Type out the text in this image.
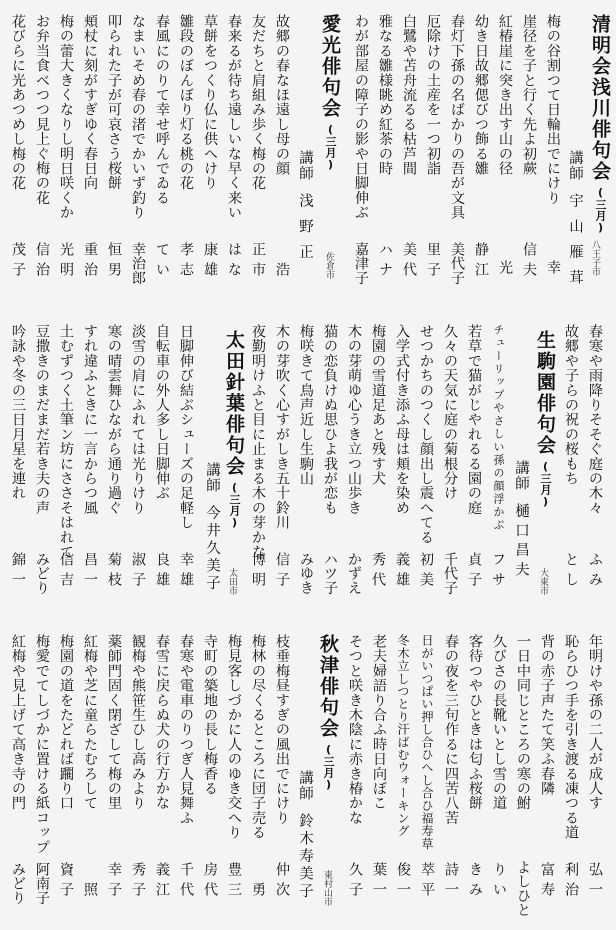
清明会浅川俳句会(三月)
講師宇山雁茸 八王子市
梅の谷割つて日輪出でにけり
幸
崖径を子と行く先よ初蕨
信夫
紅椿崖に突き出す山の径
光
幼き日故郷偲びつ飾る雛
静江
春灯下孫の名ばかりの吾が文具
美代子
厄除けの土産を一つ初詣
里子
白鷺や苫舟流るる枯芦間
美代
雅なる雛様眺め紅茶の時
ハナ
わが部屋の障子の影や日脚伸ぶ
嘉津子
愛光俳句会(三月)
講師浅野正	佐倉市
故郷の春なほ遠し母の顔
浩
友だちと肩組み歩く梅の花
正市
春来るが待ち遠しいな早く来い
はな
草餅をつくり仏に供へけり
康雄
雛段のぼんぼり灯る桃の花
孝志
春風にのりて幸せ呼んでゐる
てい
なまいそめ春の渚でかいず釣り
幸治郎
叩られた子が可哀さう桜餅
恒男
頬杖に刻がすぎゆく春日向
重治
梅の蕾大きくなりし明日咲くか
光明
お弁当食べつつ見上ぐ梅の花
信治
花びらに光あつめし梅の花
茂子
春寒や雨降りそそぐ庭の木々
ふみ
故郷や子らの祝の桜もち
とし
生駒園俳句会(三月)
講師樋口昌夫
大東市
チューリップやさしい孫の顔浮かぶ
フサ
若草で猫がじやれるる園の庭
貞子
久々の天気に庭の菊根分け
千代子
せつかちのつくし顔出し震へてる
初美
入学式付き添ふ母は頬を染め
義雄
梅園の雪道足あと残す犬
秀代
木の芽萌ゆ心うき立つ山歩き
かずえ
猫の恋負けぬ思ひよ我が恋も
ハツ子
梅咲きて鳥声近し生駒山
みゆき
木の芽吹く心すがしき五十鈴川
信子
夜勤明けふと目に止まる木の芽かな
博明
太田針葉俳句会(三月)
講師今井久美子 太田市
日脚伸び結ぶシューズの足軽し
幸雄
自転車の外人多し日脚伸ぶ
良雄
淡雪の肩にふれては光りけり
淑子
寒の晴雲舞ひながら通り過ぐ
菊枝
すれ違ふときに一言からつ風
昌一
土むずつく土筆ン坊にささそはれて
信吉
豆撒きのまだまだ若き夫の声
みどり
吟詠や冬の三日月星を連れ
錦一
年明けや孫の二人が成人す
弘一
恥らひつ手を引き渡る凍つる道
利治
背の赤子声たて笑ふ春隣
富寿
一日中同じところの寒の鮒
よしひと
久びさの長靴いとし雪の道
りい
客待つやひときは匂ふ桜餅
きみ
春の夜を三句作るに四苦八苦
詩一
日がいつぱい押し合ひへし合ひ福寿草
萃平
冬木立しつとり汗ばむウォーキング
俊一
老夫婦語り合ふ時日向ぼこ
葉一
そつと咲き木陰に赤き椿かな
久子
秋津俳句会(三月)
講師鈴木寿美子	東村山市
枝垂梅昼すぎの風出でにけり
仲次
梅林の尽くるところに団子売る
勇
梅見客しづかに人のゆき交へり
豊三
寺町の築地の長し梅香る
房代
春寒や電車のりつぎ人見舞ふ
千代
春雪に戻らぬ犬の行方かな
義江
観梅や熊笹生ひし高みより
秀子
薬師門固く閉ざして梅の里
幸子
紅梅や芝に童らたむろして
照
梅園の道をたどれば躙り口
資子
梅愛でてしづかに置ける紙コップ
阿南子
紅梅や見上げて高き寺の門
みどり
